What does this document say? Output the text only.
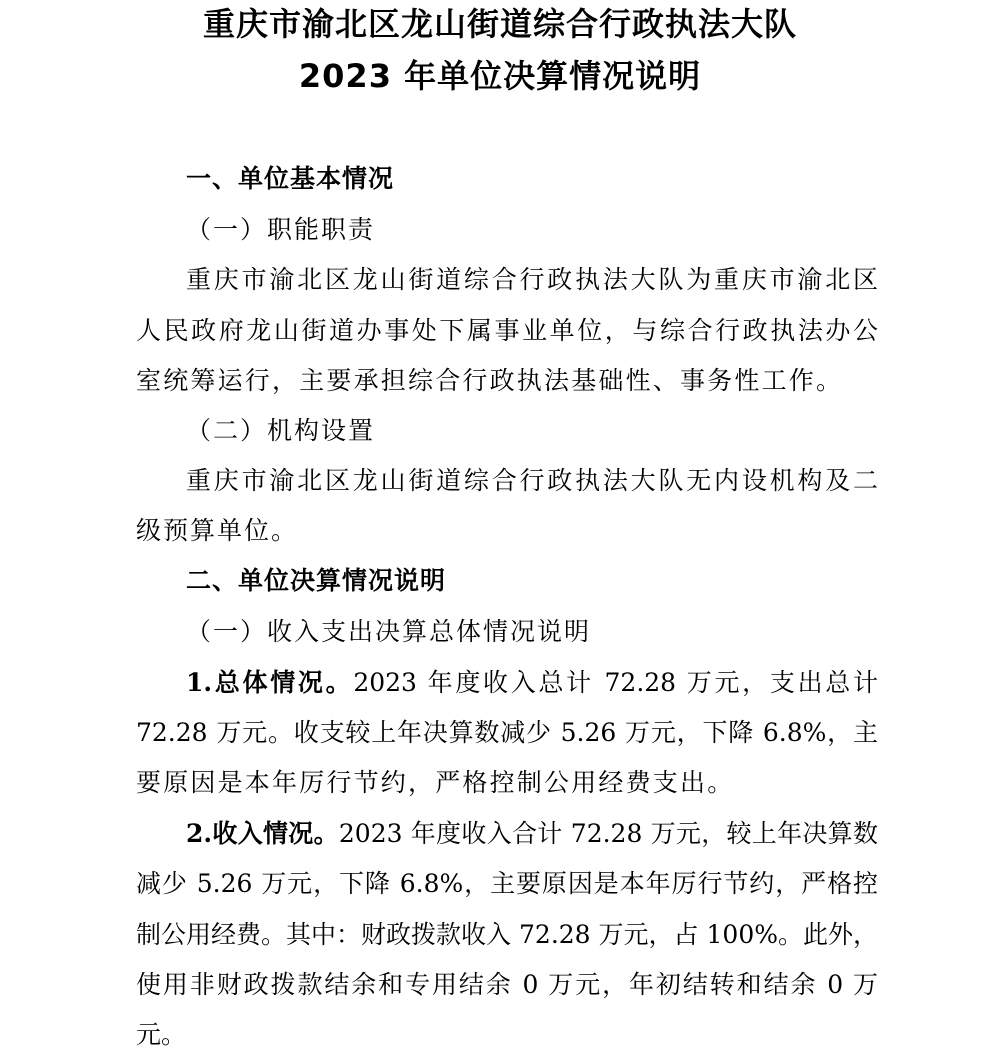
重庆市渝北区龙山街道综合行政执法大队
2023 年单位决算情况说明

一、单位基本情况

（一）职能职责

重庆市渝北区龙山街道综合行政执法大队为重庆市渝北区

人民政府龙山街道办事处下属事业单位，与综合行政执法办公

室统筹运行，主要承担综合行政执法基础性、事务性工作。

（二）机构设置

重庆市渝北区龙山街道综合行政执法大队无内设机构及二

级预算单位。

二、单位决算情况说明

（一）收入支出决算总体情况说明

1.总体情况。2023 年度收入总计 72.28 万元，支出总计

72.28 万元。收支较上年决算数减少 5.26 万元，下降 6.8%，主

要原因是本年厉行节约，严格控制公用经费支出。

2.收入情况。2023 年度收入合计 72.28 万元，较上年决算数

减少 5.26 万元，下降 6.8%，主要原因是本年厉行节约，严格控

制公用经费。其中：财政拨款收入 72.28 万元，占 100%。此外，

使用非财政拨款结余和专用结余 0 万元，年初结转和结余 0 万

元。
